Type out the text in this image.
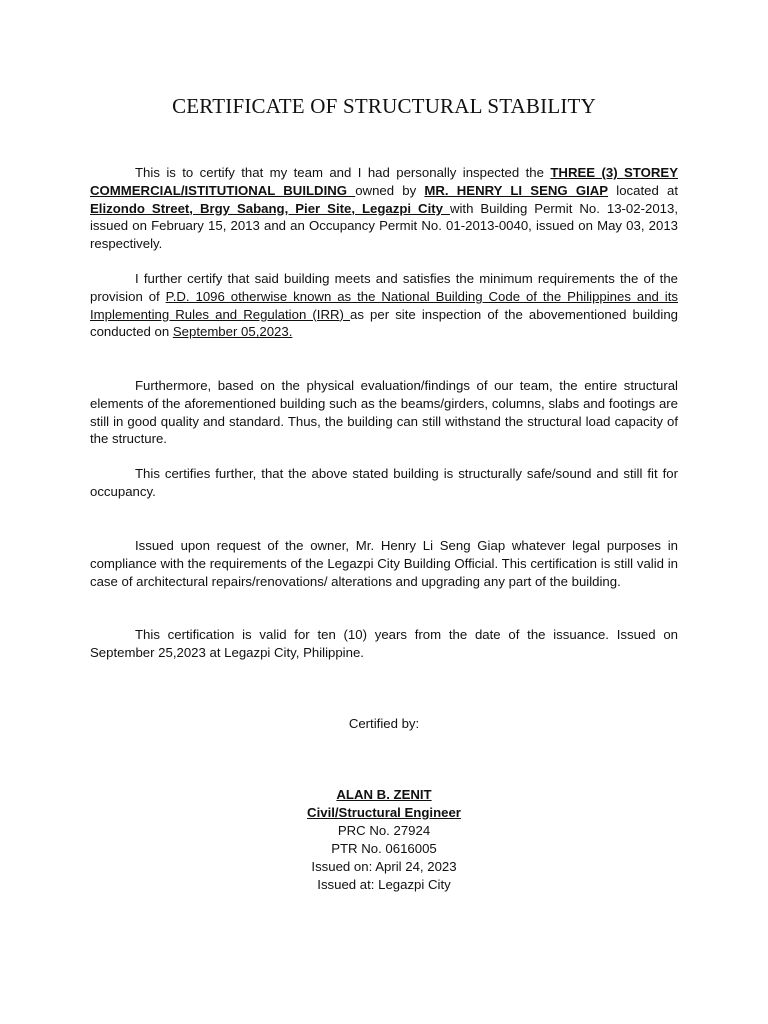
CERTIFICATE OF STRUCTURAL STABILITY

This is to certify that my team and I had personally inspected the THREE (3) STOREY COMMERCIAL/ISTITUTIONAL BUILDING owned by MR. HENRY LI SENG GIAP located at Elizondo Street, Brgy Sabang, Pier Site, Legazpi City with Building Permit No. 13-02-2013, issued on February 15, 2013 and an Occupancy Permit No. 01-2013-0040, issued on May 03, 2013 respectively.

I further certify that said building meets and satisfies the minimum requirements the of the provision of P.D. 1096 otherwise known as the National Building Code of the Philippines and its Implementing Rules and Regulation (IRR) as per site inspection of the abovementioned building conducted on September 05,2023.

Furthermore, based on the physical evaluation/findings of our team, the entire structural elements of the aforementioned building such as the beams/girders, columns, slabs and footings are still in good quality and standard. Thus, the building can still withstand the structural load capacity of the structure.

This certifies further, that the above stated building is structurally safe/sound and still fit for occupancy.

Issued upon request of the owner, Mr. Henry Li Seng Giap whatever legal purposes in compliance with the requirements of the Legazpi City Building Official. This certification is still valid in case of architectural repairs/renovations/ alterations and upgrading any part of the building.

This certification is valid for ten (10) years from the date of the issuance. Issued on September 25,2023 at Legazpi City, Philippine.

Certified by:
ALAN B. ZENIT
Civil/Structural Engineer
PRC No. 27924
PTR No. 0616005
Issued on: April 24, 2023
Issued at: Legazpi City
